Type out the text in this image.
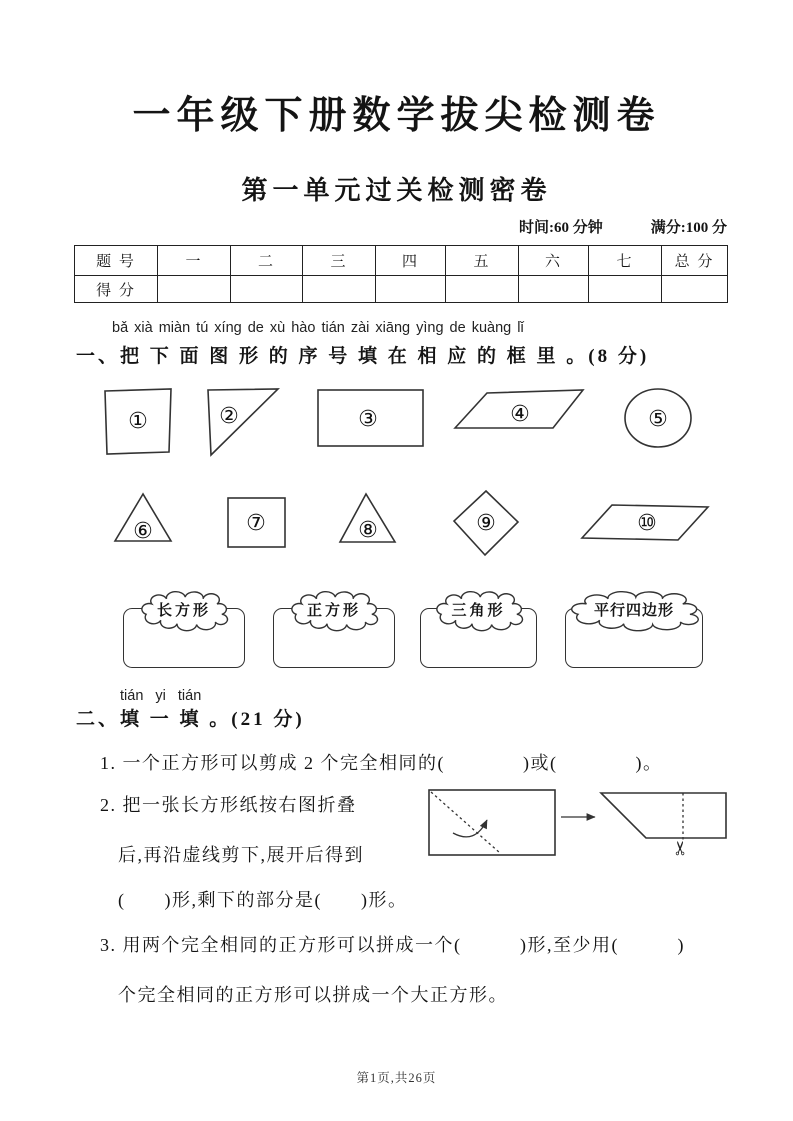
一年级下册数学拔尖检测卷
第一单元过关检测密卷
时间:60 分钟	满分:100 分
题 号	一	二	三	四	五	六	七	总 分
得 分								
bǎ xià miàn tú xíng de xù hào tián zài xiāng yìng de kuàng lǐ
一、把 下 面 图 形 的 序 号 填 在 相 应 的 框 里 。(8 分)
①	②	③	④	⑤
⑥	⑦	⑧	⑨	⑩
长方形	正方形	三角形	平行四边形
tián yi tián
二、填 一 填 。(21 分)
1. 一个正方形可以剪成 2 个完全相同的(　　　　)或(　　　　)。
2. 把一张长方形纸按右图折叠
后,再沿虚线剪下,展开后得到
(　　)形,剩下的部分是(　　)形。
✂
3. 用两个完全相同的正方形可以拼成一个(　　　)形,至少用(　　　)
个完全相同的正方形可以拼成一个大正方形。
第1页,共26页
